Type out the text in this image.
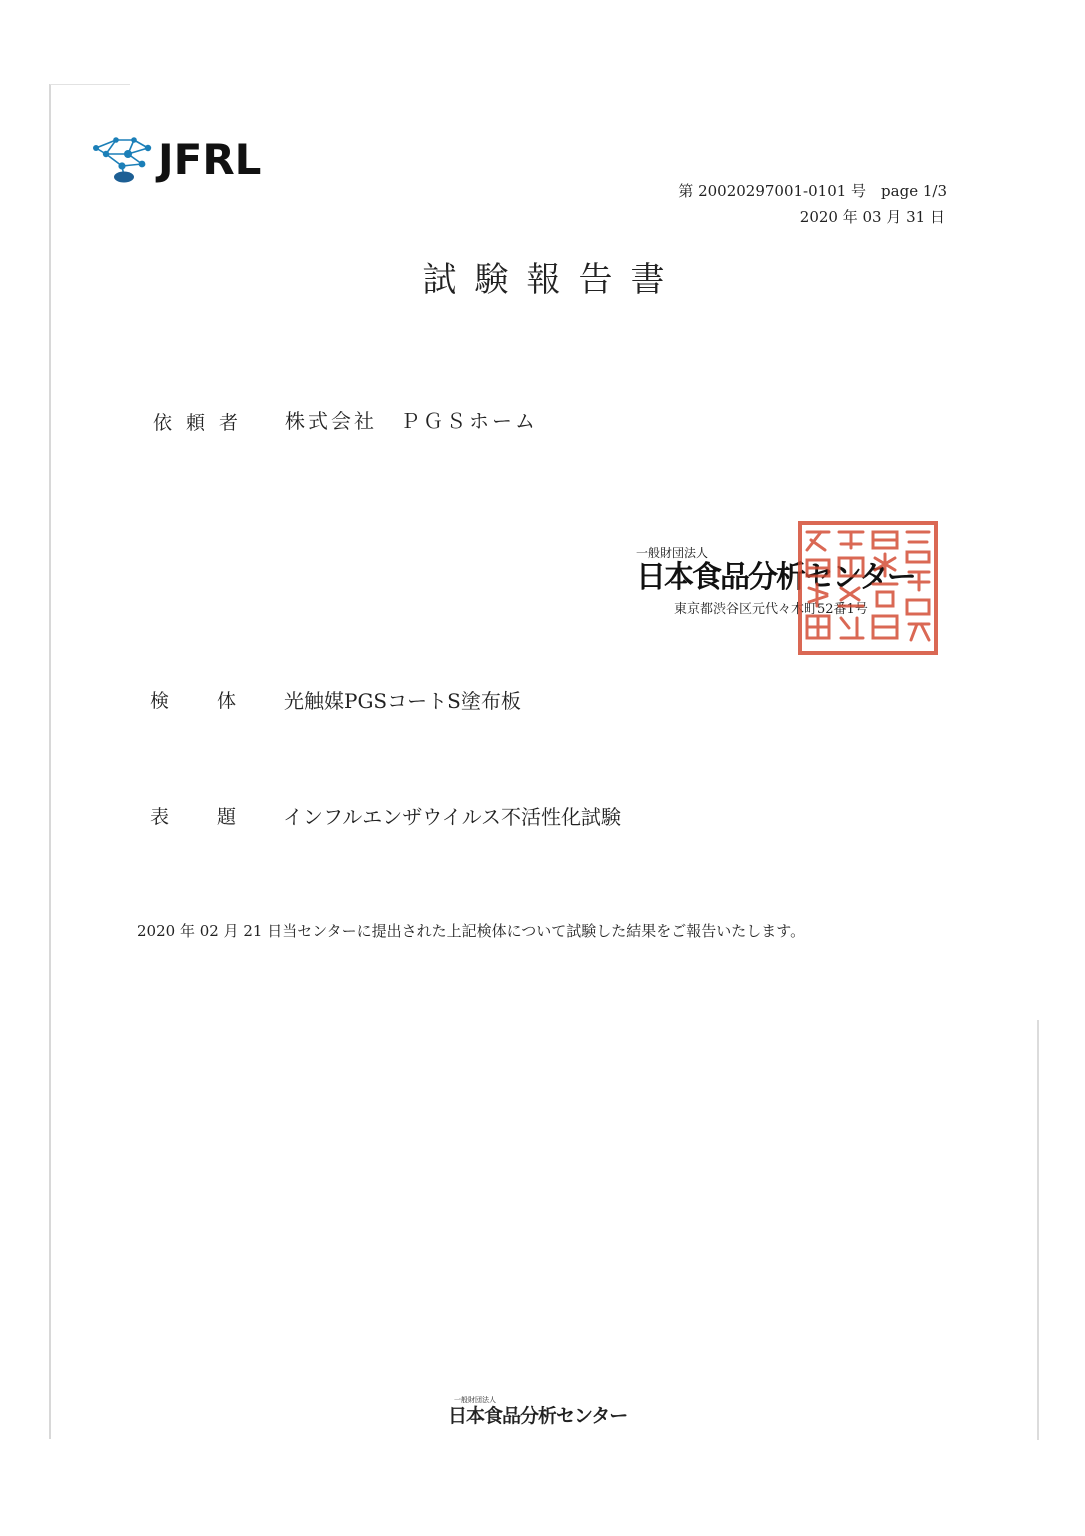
JFRL
第 20020297001-0101 号　page 1/3
2020 年 03 月 31 日
試験報告書
依頼者 株式会社　ＰＧＳホーム
一般財団法人
日本食品分析センター
東京都渋谷区元代々木町52番1号
検体 光触媒PGSコートS塗布板
表題
インフルエンザウイルス不活性化試験
2020 年 02 月 21 日当センターに提出された上記検体について試験した結果をご報告いたします。
一般財団法人
日本食品分析センター
